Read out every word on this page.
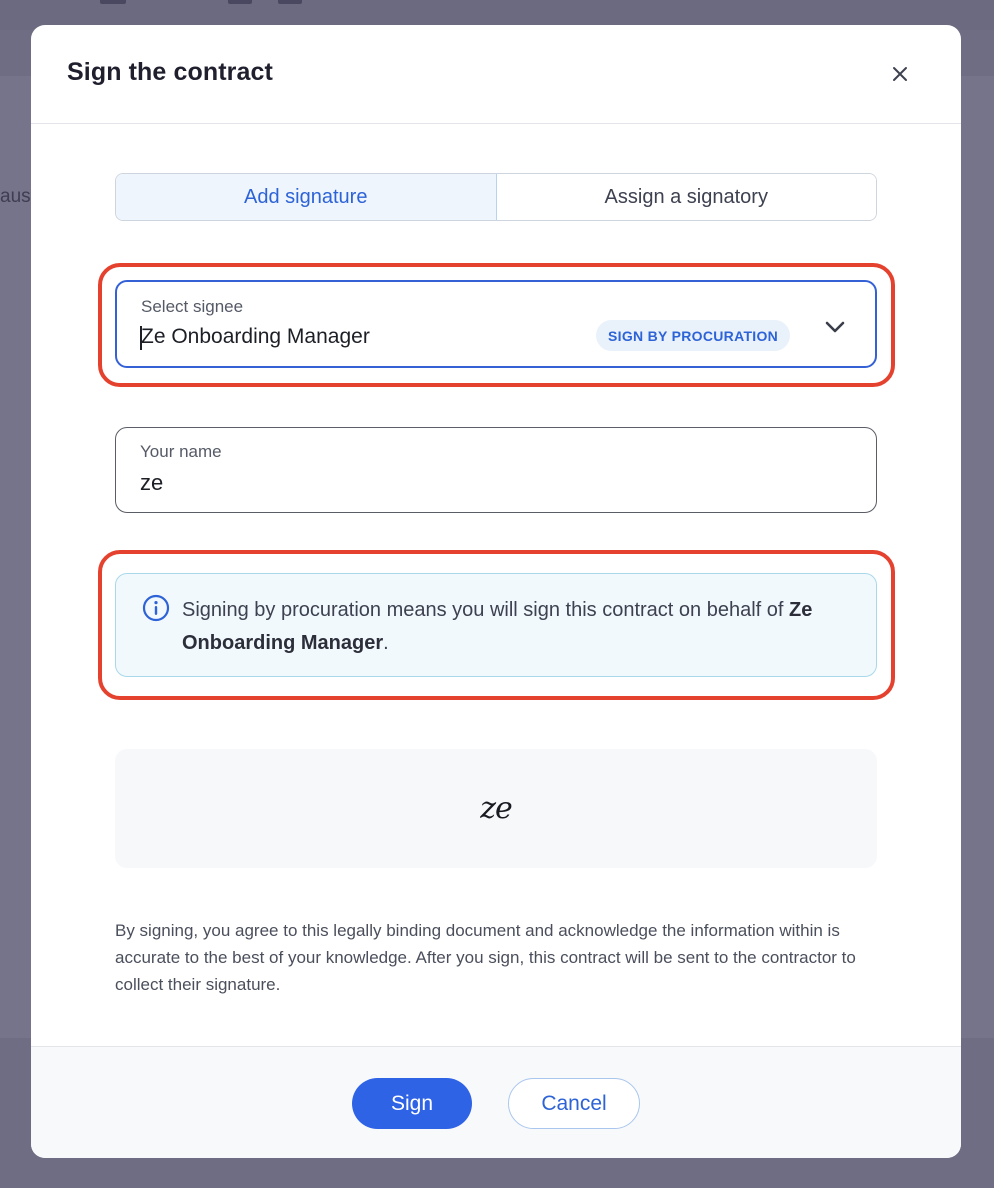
aus
Sign the contract
Add signature	Assign a signatory
Select signee
Ze Onboarding Manager	SIGN BY PROCURATION
Your name
ze
Signing by procuration means you will sign this contract on behalf of Ze Onboarding Manager.
ze
By signing, you agree to this legally binding document and acknowledge the information within is accurate to the best of your knowledge. After you sign, this contract will be sent to the contractor to collect their signature.
Sign	Cancel
